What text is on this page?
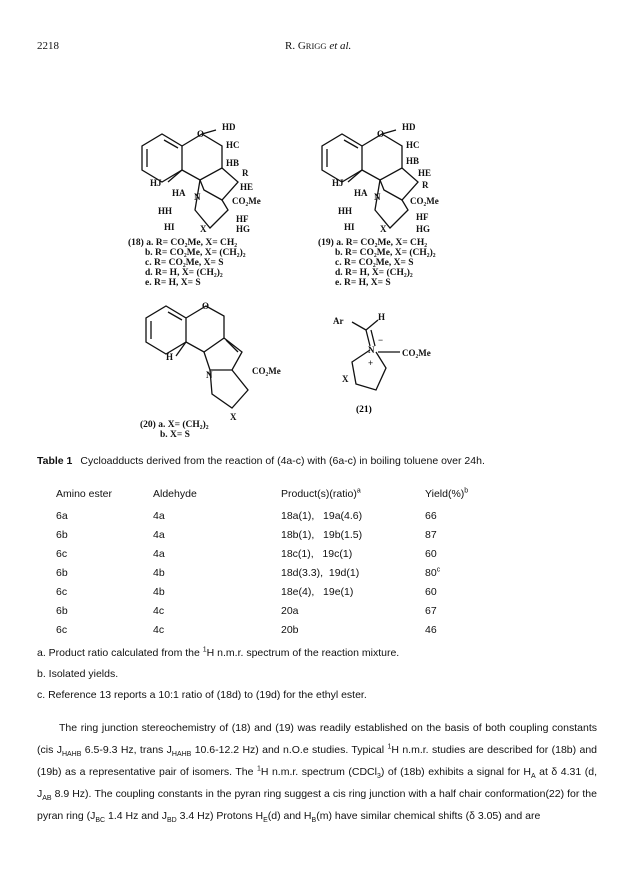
2218	R. GRIGG et al.
O
HD
HC
HB
R
HE
HJ
HA N	CO₂Me
HF
HH
HI	X	HG
(18) a. R= CO₂Me, X= CH₂
b. R= CO₂Me, X= (CH₂)₂
c. R= CO₂Me, X= S
d. R= H, X= (CH₂)₂
e. R= H, X= S
O
HD
HC
HB
HE
R
HJ
HA N	CO₂Me
HF
HH
HI	X	HG
(19) a. R= CO₂Me, X= CH₂
b. R= CO₂Me, X= (CH₂)₂
c. R= CO₂Me, X= S
d. R= H, X= (CH₂)₂
e. R= H, X= S
O
H
N	CO₂Me
X
(20) a. X= (CH₂)₂
b. X= S
Ar	H
N
+
CO₂Me
X
−
(21)
Table 1 Cycloadducts derived from the reaction of (4a-c) with (6a-c) in boiling toluene over 24h.
Amino ester	Aldehyde	Product(s)(ratio)$^a$	Yield(%)$^b$
6a	4a	18a(1),   19a(4.6)	66
6b	4a	18b(1),   19b(1.5)	87
6c	4a	18c(1),   19c(1)	60
6b	4b	18d(3.3),  19d(1)	80$^c$
6c	4b	18e(4),   19e(1)	60
6b	4c	20a	67
6c	4c	20b	46
a. Product ratio calculated from the $^1$H n.m.r. spectrum of the reaction mixture.
b. Isolated yields.
c. Reference 13 reports a 10:1 ratio of (18d) to (19d) for the ethyl ester.

The ring junction stereochemistry of (18) and (19) was readily established on the basis of both coupling constants (cis $J_{HAHB}$ 6.5-9.3 Hz, trans $J_{HAHB}$ 10.6-12.2 Hz) and n.O.e studies. Typical $^1$H n.m.r. studies are described for (18b) and (19b) as a representative pair of isomers. The $^1$H n.m.r. spectrum (CDCl$_3$) of (18b) exhibits a signal for $H_A$ at δ 4.31 (d, $J_{AB}$ 8.9 Hz). The coupling constants in the pyran ring suggest a cis ring junction with a half chair conformation(22) for the pyran ring ($J_{BC}$ 1.4 Hz and $J_{BD}$ 3.4 Hz) Protons $H_E(d)$ and $H_B(m)$ have similar chemical shifts (δ 3.05) and are
